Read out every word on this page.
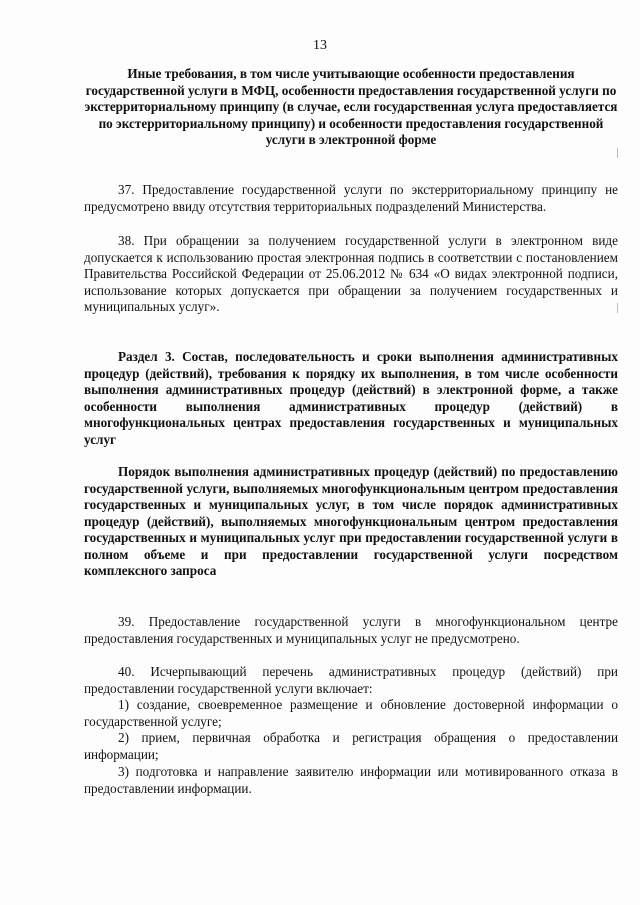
13

Иные требования, в том числе учитывающие особенности предоставления государственной услуги в МФЦ, особенности предоставления государственной услуги по экстерриториальному принципу (в случае, если государственная услуга предоставляется по экстерриториальному принципу) и особенности предоставления государственной услуги в электронной форме

37. Предоставление государственной услуги по экстерриториальному принципу не предусмотрено ввиду отсутствия территориальных подразделений Министерства.

38. При обращении за получением государственной услуги в электронном виде допускается к использованию простая электронная подпись в соответствии с постановлением Правительства Российской Федерации от 25.06.2012 № 634 «О видах электронной подписи, использование которых допускается при обращении за получением государственных и муниципальных услуг».

Раздел 3. Состав, последовательность и сроки выполнения административных процедур (действий), требования к порядку их выполнения, в том числе особенности выполнения административных процедур (действий) в электронной форме, а также особенности выполнения административных процедур (действий) в многофункциональных центрах предоставления государственных и муниципальных услуг

Порядок выполнения административных процедур (действий) по предоставлению государственной услуги, выполняемых многофункциональным центром предоставления государственных и муниципальных услуг, в том числе порядок административных процедур (действий), выполняемых многофункциональным центром предоставления государственных и муниципальных услуг при предоставлении государственной услуги в полном объеме и при предоставлении государственной услуги посредством комплексного запроса

39. Предоставление государственной услуги в многофункциональном центре предоставления государственных и муниципальных услуг не предусмотрено.

40. Исчерпывающий перечень административных процедур (действий) при предоставлении государственной услуги включает:

1) создание, своевременное размещение и обновление достоверной информации о государственной услуге;

2) прием, первичная обработка и регистрация обращения о предоставлении информации;

3) подготовка и направление заявителю информации или мотивированного отказа в предоставлении информации.
